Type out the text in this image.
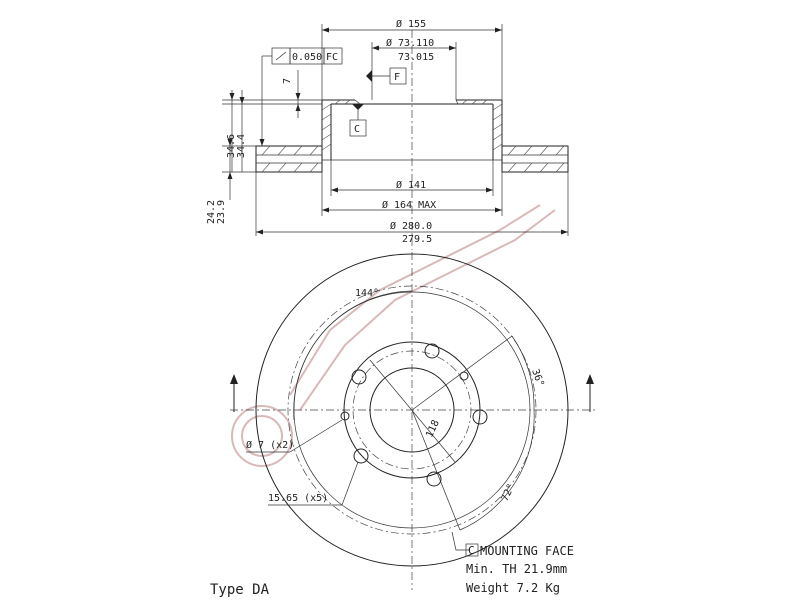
Ø 155
Ø 73.110
73.015
F
0.050 FC
7
C
34.6 34.4
24.2 23.9
Ø 141
Ø 164 MAX
Ø 280.0
279.5
144°
36°
72°
118
Ø 7 (x2)
15.65 (x5)
C MOUNTING FACE
Min. TH 21.9mm
Weight 7.2 Kg
Type DA
